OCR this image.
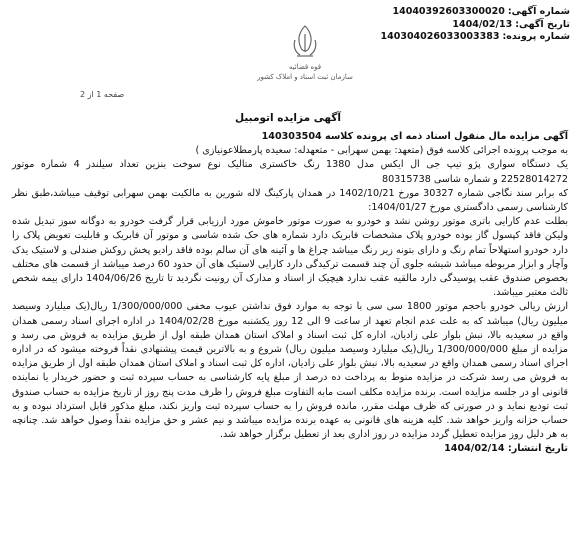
شماره آگهی:
14040392603300020
تاریخ آگهی:
1404/02/13
شماره پرونده:
140304026033003383
قوه قضائیه
سازمان ثبت اسناد و املاک کشور
صفحه 1 از 2
آگهی مزایده اتومبیل

آگهی مزایده مال منقول اسناد ذمه ای پرونده کلاسه 140303504

به موجب پرونده اجرائی کلاسه فوق (متعهد: بهمن سهرابی - متعهدله: سعیده پارمطلاعونیازی )

یک دستگاه سواری پژو تیپ جی ال ایکس مدل 1380 رنگ خاکستری متالیک نوع سوخت بنزین تعداد سیلندر 4 شماره موتور 22528014272 و شماره شاسی 80315738

که برابر سند نگاجی شماره 30327 مورخ 1402/10/21 در همدان پارکینگ لاله شورین به مالکیت بهمن سهرابی توقیف میباشد،طبق نظر کارشناسی رسمی دادگستری مورخ 1404/01/27:

بطلت عدم کارایی باتری موتور روشن نشد و خودرو به صورت موتور خاموش مورد ارزیابی قرار گرفت خودرو به دوگانه سوز تبدیل شده ولیکن فاقد کپسول گاز بوده خودرو پلاک مشخصات فابریک دارد شماره های حک شده شاسی و موتور آن فابریک و قابلیت تعویض پلاک را دارد خودرو استهلاحاً تمام رنگ و دارای بتونه زیر رنگ میباشد چراغ ها و آئینه های آن سالم بوده فاقد رادیو پخش روکش صندلی و لاستیک یدک وآچار و ابزار مربوطه میباشد شیشه جلوی آن چند قسمت ترکیدگی دارد کارایی لاستیک های آن حدود 60 درصد میباشد از قسمت های مختلف بخصوص صندوق عقب پوسیدگی دارد مالقیه عقب ندارد هیچیک از اسناد و مدارک آن رونیت نگردید تا تاریخ 1404/06/26 دارای بیمه شخص ثالث معتبر میباشد.

ارزش ریالی خودرو باحجم موتور 1800 سی سی با توجه به موارد فوق نداشتن عیوب مخفی 1/300/000/000 ریال(یک میلیارد وسیصد میلیون ریال) میباشد که به علت عدم انجام تعهد از ساعت 9 الی 12 روز یکشنبه مورخ 1404/02/28 در اداره اجرای اسناد رسمی همدان واقع در سعیدیه بالا، نبش بلوار علی زادیان، اداره کل ثبت اسناد و املاک استان همدان طبقه اول از طریق مزایده به فروش می رسد و مزایده از مبلغ 1/300/000/000 ریال(یک میلیارد وسیصد میلیون ریال) شروع و به بالاترین قیمت پیشنهادی نقداً فروخته میشود که در اداره اجرای اسناد رسمی همدان واقع در سعیدیه بالا، نبش بلوار علی زادیان، اداره کل ثبت اسناد و املاک استان همدان طبقه اول از طریق مزایده به فروش می رسد شرکت در مزایده منوط به پرداخت ده درصد از مبلغ پایه کارشناسی به حساب سپرده ثبت و حضور خریدار یا نماینده قانونی او در جلسه مزایده است. برنده مزایده مکلف است مابه التفاوت مبلغ فروش را ظرف مدت پنج روز از تاریخ مزایده به حساب صندوق ثبت تودیع نماید و در صورتی که ظرف مهلت مقرر، مانده فروش را به حساب سپرده ثبت واریز نکند، مبلغ مذکور قابل استرداد نبوده و به حساب خزانه واریز خواهد شد. کلیه هزینه های قانونی به عهده برنده مزایده میباشد و نیم عشر و حق مزایده نقداً وصول خواهد شد. چنانچه به هر دلیل روز مزایده تعطیل گردد مزایده در روز اداری بعد از تعطیل برگزار خواهد شد.

تاریخ انتشار: 1404/02/14
